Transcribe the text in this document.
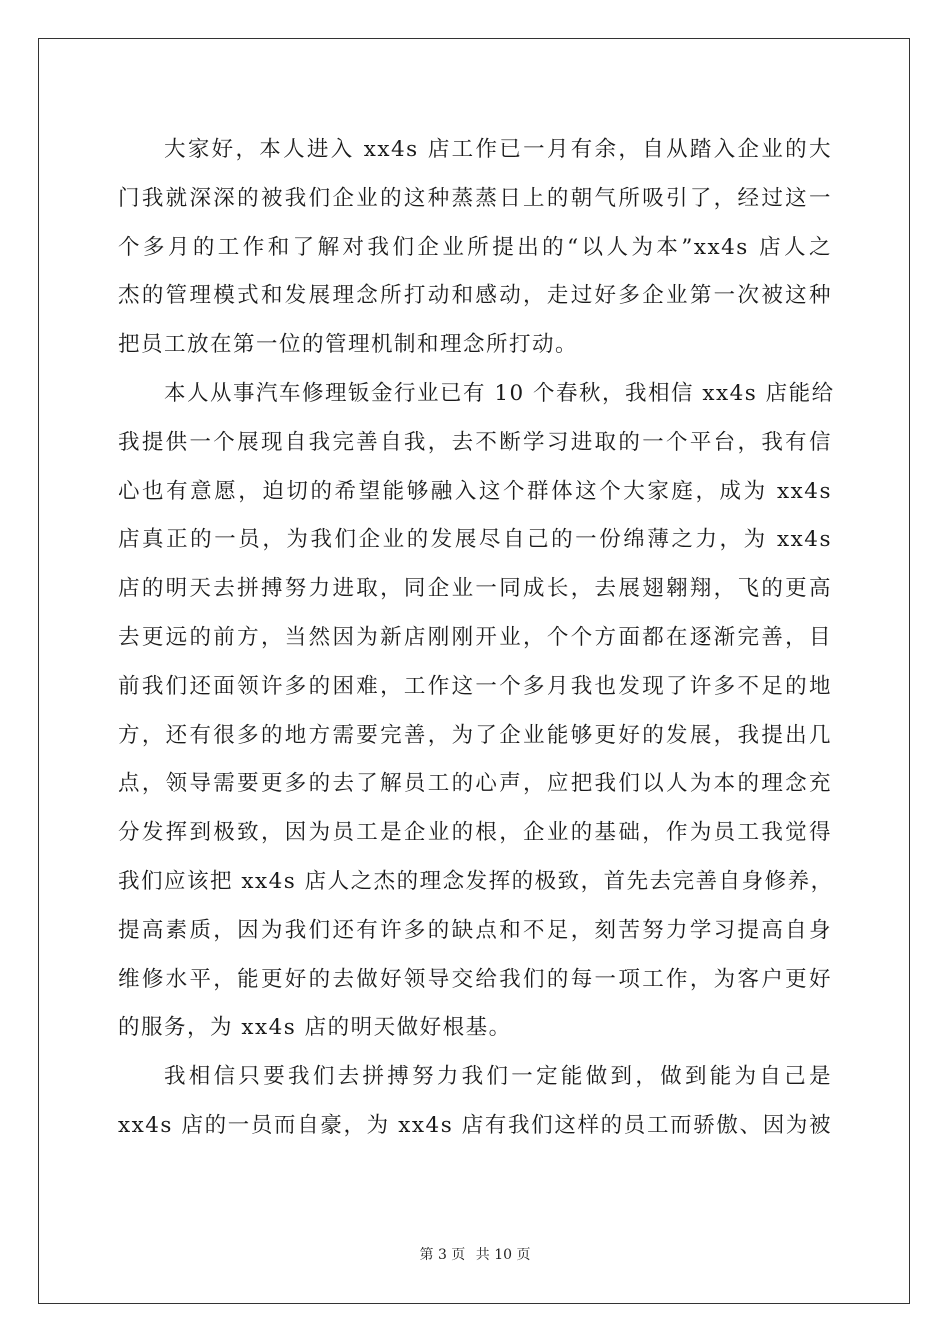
大家好，本人进入 xx4s 店工作已一月有余，自从踏入企业的大
门我就深深的被我们企业的这种蒸蒸日上的朝气所吸引了，经过这一
个多月的工作和了解对我们企业所提出的“以人为本”xx4s 店人之
杰的管理模式和发展理念所打动和感动，走过好多企业第一次被这种
把员工放在第一位的管理机制和理念所打动。
本人从事汽车修理钣金行业已有 10 个春秋，我相信 xx4s 店能给
我提供一个展现自我完善自我，去不断学习进取的一个平台，我有信
心也有意愿，迫切的希望能够融入这个群体这个大家庭，成为 xx4s
店真正的一员，为我们企业的发展尽自己的一份绵薄之力，为 xx4s
店的明天去拼搏努力进取，同企业一同成长，去展翅翱翔，飞的更高
去更远的前方，当然因为新店刚刚开业，个个方面都在逐渐完善，目
前我们还面领许多的困难，工作这一个多月我也发现了许多不足的地
方，还有很多的地方需要完善，为了企业能够更好的发展，我提出几
点，领导需要更多的去了解员工的心声，应把我们以人为本的理念充
分发挥到极致，因为员工是企业的根，企业的基础，作为员工我觉得
我们应该把 xx4s 店人之杰的理念发挥的极致，首先去完善自身修养，
提高素质，因为我们还有许多的缺点和不足，刻苦努力学习提高自身
维修水平，能更好的去做好领导交给我们的每一项工作，为客户更好
的服务，为 xx4s 店的明天做好根基。
我相信只要我们去拼搏努力我们一定能做到，做到能为自己是
xx4s 店的一员而自豪，为 xx4s 店有我们这样的员工而骄傲、因为被
第 3 页 共 10 页
